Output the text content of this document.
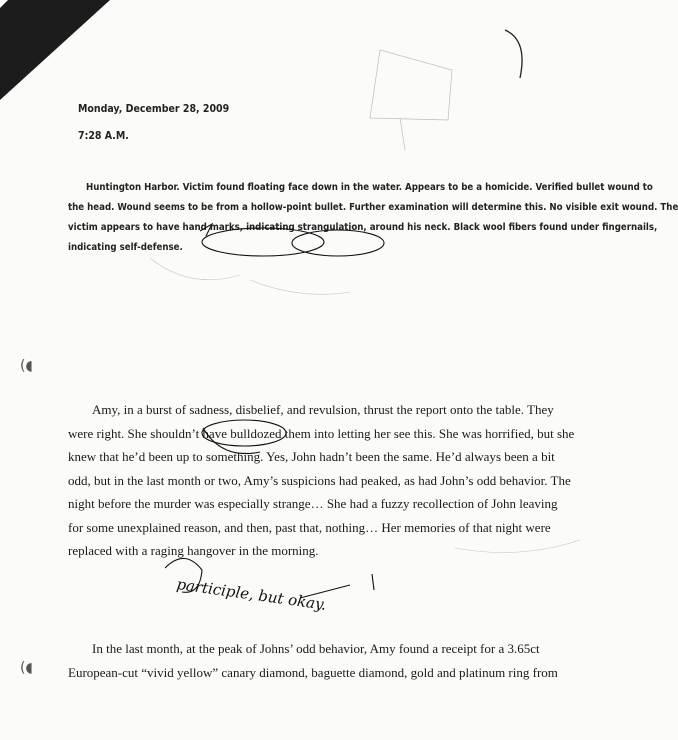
Monday, December 28, 2009

7:28 A.M.

Huntington Harbor. Victim found floating face down in the water. Appears to be a homicide. Verified bullet wound to

the head. Wound seems to be from a hollow-point bullet. Further examination will determine this. No visible exit wound. The

victim appears to have hand marks, indicating strangulation, around his neck. Black wool fibers found under fingernails,

indicating self-defense.

(◖
(◖

Amy, in a burst of sadness, disbelief, and revulsion, thrust the report onto the table. They

were right. She shouldn’t have bulldozed them into letting her see this. She was horrified, but she

knew that he’d been up to something. Yes, John hadn’t been the same. He’d always been a bit

odd, but in the last month or two, Amy’s suspicions had peaked, as had John’s odd behavior. The

night before the murder was especially strange… She had a fuzzy recollection of John leaving

for some unexplained reason, and then, past that, nothing… Her memories of that night were

replaced with a raging hangover in the morning.

In the last month, at the peak of Johns’ odd behavior, Amy found a receipt for a 3.65ct

European-cut “vivid yellow” canary diamond, baguette diamond, gold and platinum ring from

participle, but okay.
